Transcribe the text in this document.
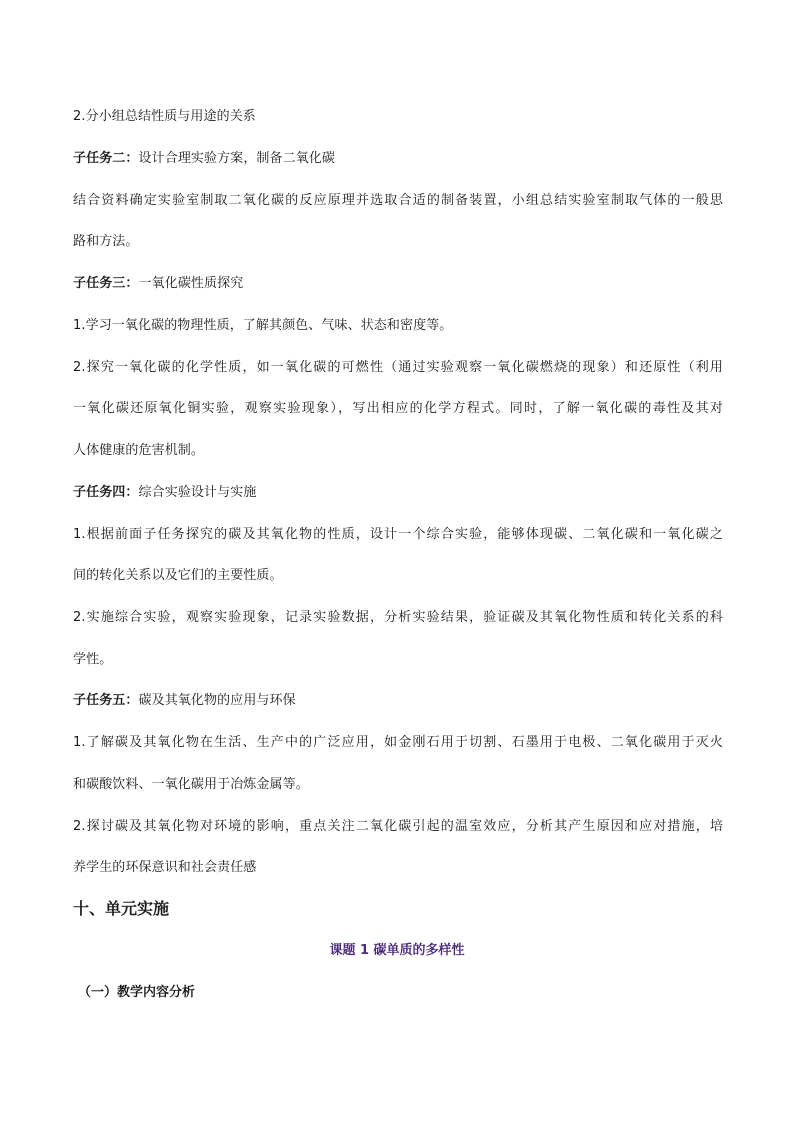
2.分小组总结性质与用途的关系
子任务二：设计合理实验方案，制备二氧化碳
结合资料确定实验室制取二氧化碳的反应原理并选取合适的制备装置，小组总结实验室制取气体的一般思
路和方法。
子任务三：一氧化碳性质探究
1.学习一氧化碳的物理性质，了解其颜色、气味、状态和密度等。
2.探究一氧化碳的化学性质，如一氧化碳的可燃性（通过实验观察一氧化碳燃烧的现象）和还原性（利用
一氧化碳还原氧化铜实验，观察实验现象），写出相应的化学方程式。同时，了解一氧化碳的毒性及其对
人体健康的危害机制。
子任务四：综合实验设计与实施
1.根据前面子任务探究的碳及其氧化物的性质，设计一个综合实验，能够体现碳、二氧化碳和一氧化碳之
间的转化关系以及它们的主要性质。
2.实施综合实验，观察实验现象，记录实验数据，分析实验结果，验证碳及其氧化物性质和转化关系的科
学性。
子任务五：碳及其氧化物的应用与环保
1.了解碳及其氧化物在生活、生产中的广泛应用，如金刚石用于切割、石墨用于电极、二氧化碳用于灭火
和碳酸饮料、一氧化碳用于冶炼金属等。
2.探讨碳及其氧化物对环境的影响，重点关注二氧化碳引起的温室效应，分析其产生原因和应对措施，培
养学生的环保意识和社会责任感
十、单元实施
课题 1 碳单质的多样性
（一）教学内容分析
